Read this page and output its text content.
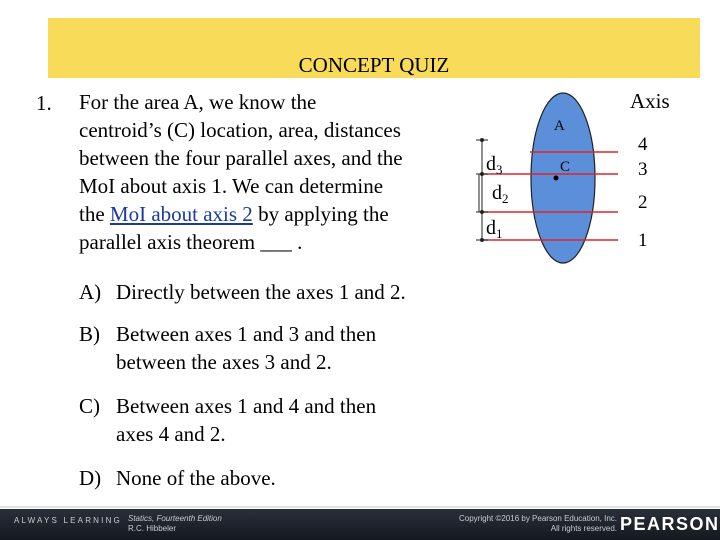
CONCEPT QUIZ
1. For the area A, we know the
centroid’s (C) location, area, distances
between the four parallel axes, and the
MoI about axis 1. We can determine
the MoI about axis 2 by applying the
parallel axis theorem ___ .
A) Directly between the axes 1 and 2.
B) Between axes 1 and 3 and then
between the axes 3 and 2.
C) Between axes 1 and 4 and then
axes 4 and 2.
D) None of the above.
A
C
Axis
4
3
2
1
$d_3$
$d_2$
$d_1$
ALWAYS LEARNING Statics, Fourteenth Edition
R.C. Hibbeler
Copyright ©2016 by Pearson Education, Inc.
All rights reserved. PEARSON
